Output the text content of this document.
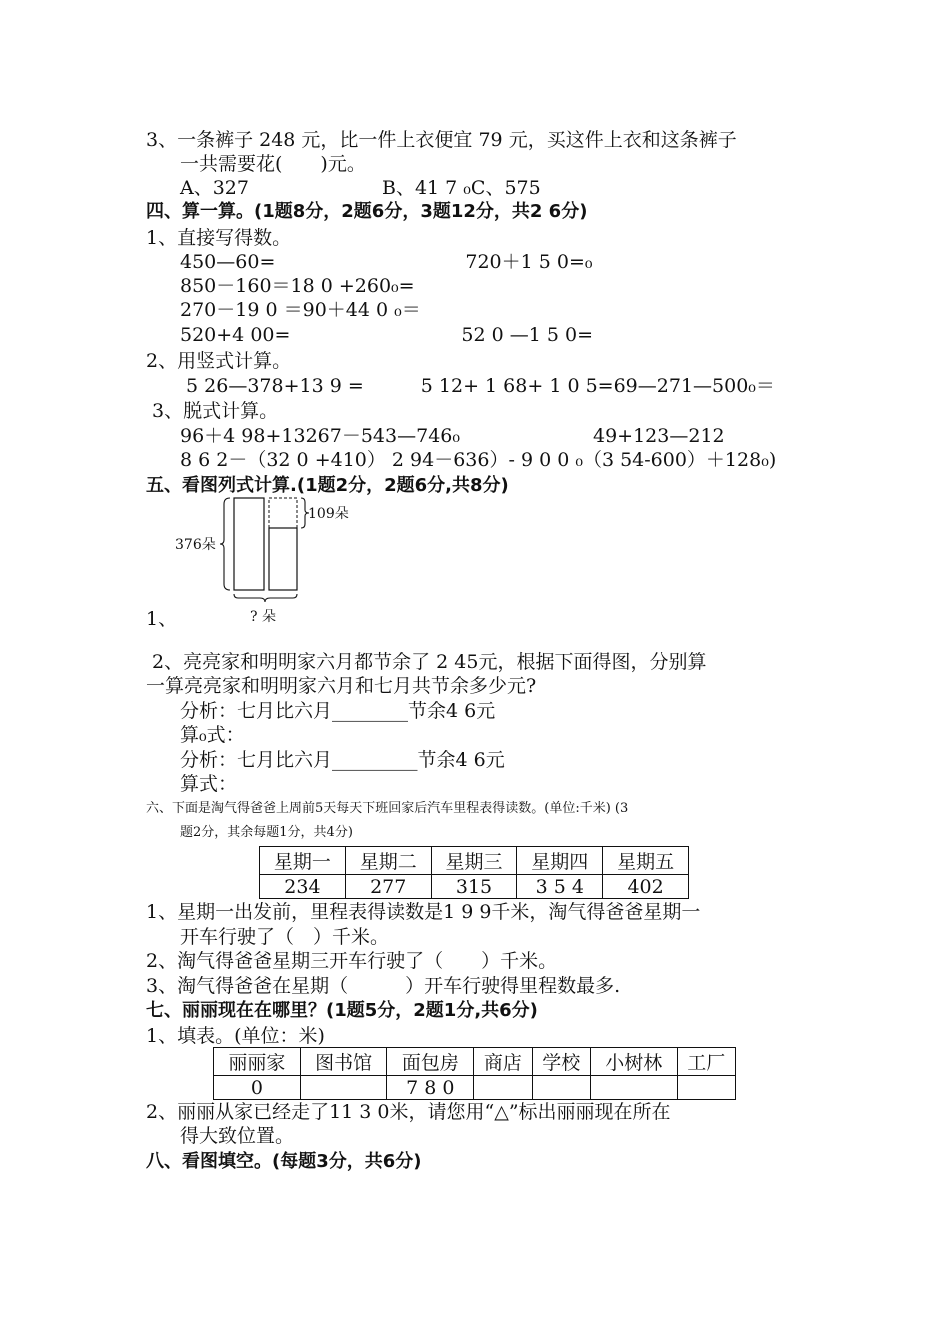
3、一条裤子 248 元，比一件上衣便宜 79 元，买这件上衣和这条裤子
一共需要花(　　)元。
A、327　　　　　　　B、41 7 ₀C、575
四、算一算。(1题8分，2题6分，3题12分，共2 6分)
1、直接写得数。
450—60=　　　　　　　　　　720＋1 5 0=₀
850－160＝18 0 +260₀=
270－19 0 ＝90＋44 0 ₀＝
520+4 00=　　　　　　　　　52 0 —1 5 0=
2、用竖式计算。
5 26—378+13 9 =　　　5 12+ 1 68+ 1 0 5=69—271—500₀＝
3、脱式计算。
96＋4 98+13267－543—746₀　　　　　　　49+123—212
8 6 2－（32 0 +410） 2 94－636）- 9 0 0 ₀（3 54-600）＋128₀)
五、看图列式计算.(1题2分，2题6分,共8分)
376朵
109朵
? 朵
1、
2、亮亮家和明明家六月都节余了 2 45元，根据下面得图，分别算
一算亮亮家和明明家六月和七月共节余多少元?
分析：七月比六月________节余4 6元
算₀式：
分析：七月比六月_________节余4 6元
算式：
六、下面是淘气得爸爸上周前5天每天下班回家后汽车里程表得读数。(单位:千米) (3
题2分，其余每题1分，共4分)
星期一	星期二	星期三	星期四	星期五
234	277	315	3 5 4	402
1、星期一出发前，里程表得读数是1 9 9千米，淘气得爸爸星期一
开车行驶了（　）千米。
2、淘气得爸爸星期三开车行驶了（　　）千米。
3、淘气得爸爸在星期（　　　）开车行驶得里程数最多.
七、丽丽现在在哪里？(1题5分，2题1分,共6分)
1、填表。(单位：米)
丽丽家	图书馆	面包房	商店	学校	小树林	工厂
0		7 8 0				
2、丽丽从家已经走了11 3 0米，请您用“△”标出丽丽现在所在
得大致位置。
八、看图填空。(每题3分，共6分)
